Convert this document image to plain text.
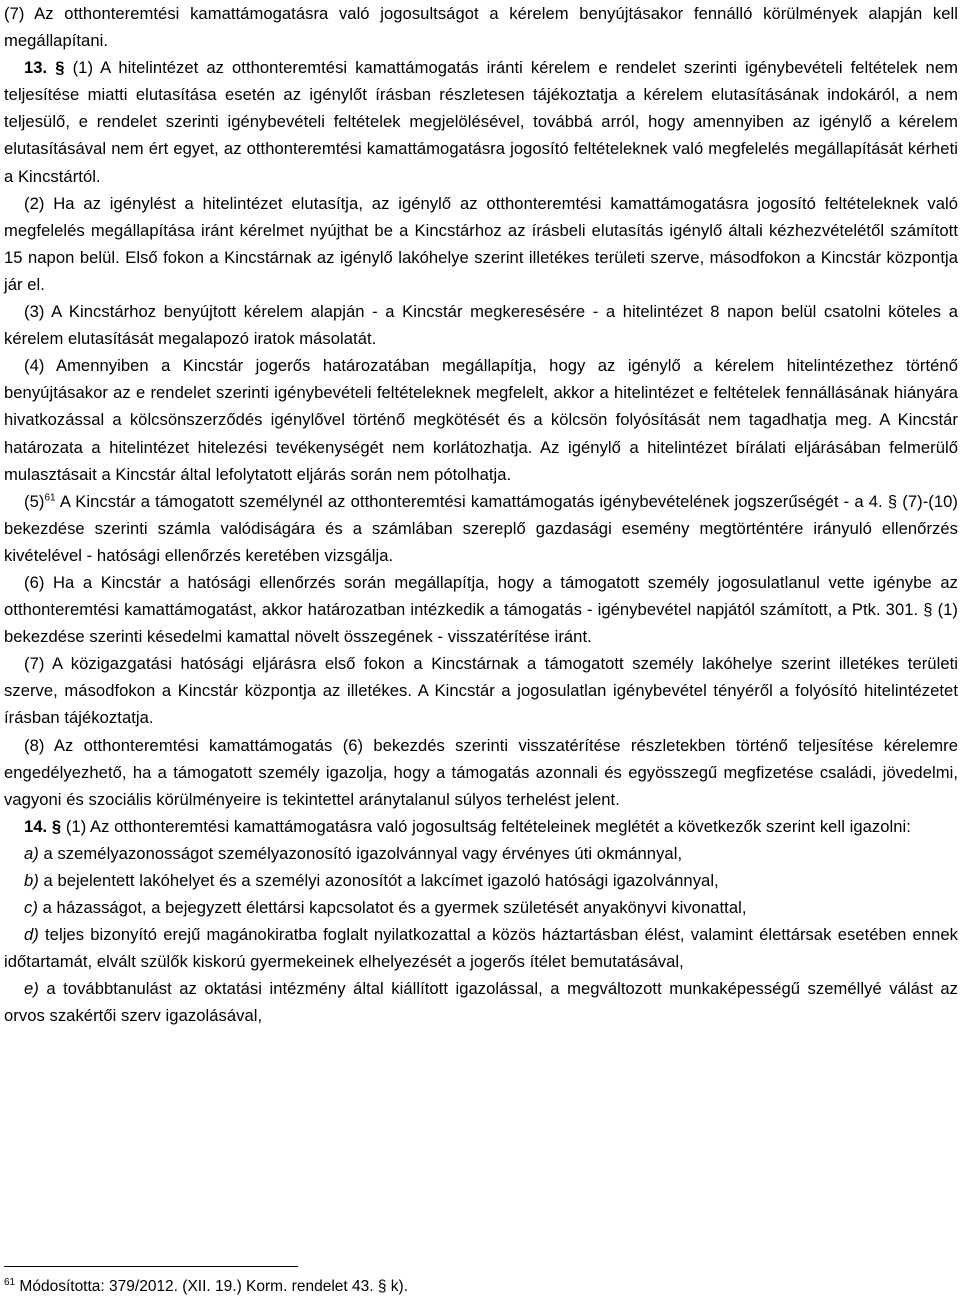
(7) Az otthonteremtési kamattámogatásra való jogosultságot a kérelem benyújtásakor fennálló körülmények alapján kell megállapítani.

13. § (1) A hitelintézet az otthonteremtési kamattámogatás iránti kérelem e rendelet szerinti igénybevételi feltételek nem teljesítése miatti elutasítása esetén az igénylőt írásban részletesen tájékoztatja a kérelem elutasításának indokáról, a nem teljesülő, e rendelet szerinti igénybevételi feltételek megjelölésével, továbbá arról, hogy amennyiben az igénylő a kérelem elutasításával nem ért egyet, az otthonteremtési kamattámogatásra jogosító feltételeknek való megfelelés megállapítását kérheti a Kincstártól.

(2) Ha az igénylést a hitelintézet elutasítja, az igénylő az otthonteremtési kamattámogatásra jogosító feltételeknek való megfelelés megállapítása iránt kérelmet nyújthat be a Kincstárhoz az írásbeli elutasítás igénylő általi kézhezvételétől számított 15 napon belül. Első fokon a Kincstárnak az igénylő lakóhelye szerint illetékes területi szerve, másodfokon a Kincstár központja jár el.

(3) A Kincstárhoz benyújtott kérelem alapján - a Kincstár megkeresésére - a hitelintézet 8 napon belül csatolni köteles a kérelem elutasítását megalapozó iratok másolatát.

(4) Amennyiben a Kincstár jogerős határozatában megállapítja, hogy az igénylő a kérelem hitelintézethez történő benyújtásakor az e rendelet szerinti igénybevételi feltételeknek megfelelt, akkor a hitelintézet e feltételek fennállásának hiányára hivatkozással a kölcsönszerződés igénylővel történő megkötését és a kölcsön folyósítását nem tagadhatja meg. A Kincstár határozata a hitelintézet hitelezési tevékenységét nem korlátozhatja. Az igénylő a hitelintézet bírálati eljárásában felmerülő mulasztásait a Kincstár által lefolytatott eljárás során nem pótolhatja.

$(5)^{61}$ A Kincstár a támogatott személynél az otthonteremtési kamattámogatás igénybevételének jogszerűségét - a 4. § (7)-(10) bekezdése szerinti számla valódiságára és a számlában szereplő gazdasági esemény megtörténtére irányuló ellenőrzés kivételével - hatósági ellenőrzés keretében vizsgálja.

(6) Ha a Kincstár a hatósági ellenőrzés során megállapítja, hogy a támogatott személy jogosulatlanul vette igénybe az otthonteremtési kamattámogatást, akkor határozatban intézkedik a támogatás - igénybevétel napjától számított, a Ptk. 301. § (1) bekezdése szerinti késedelmi kamattal növelt összegének - visszatérítése iránt.

(7) A közigazgatási hatósági eljárásra első fokon a Kincstárnak a támogatott személy lakóhelye szerint illetékes területi szerve, másodfokon a Kincstár központja az illetékes. A Kincstár a jogosulatlan igénybevétel tényéről a folyósító hitelintézetet írásban tájékoztatja.

(8) Az otthonteremtési kamattámogatás (6) bekezdés szerinti visszatérítése részletekben történő teljesítése kérelemre engedélyezhető, ha a támogatott személy igazolja, hogy a támogatás azonnali és egyösszegű megfizetése családi, jövedelmi, vagyoni és szociális körülményeire is tekintettel aránytalanul súlyos terhelést jelent.

14. § (1) Az otthonteremtési kamattámogatásra való jogosultság feltételeinek meglétét a következők szerint kell igazolni:

a) a személyazonosságot személyazonosító igazolvánnyal vagy érvényes úti okmánnyal,

b) a bejelentett lakóhelyet és a személyi azonosítót a lakcímet igazoló hatósági igazolvánnyal,

c) a házasságot, a bejegyzett élettársi kapcsolatot és a gyermek születését anyakönyvi kivonattal,

d) teljes bizonyító erejű magánokiratba foglalt nyilatkozattal a közös háztartásban élést, valamint élettársak esetében ennek időtartamát, elvált szülők kiskorú gyermekeinek elhelyezését a jogerős ítélet bemutatásával,

e) a továbbtanulást az oktatási intézmény által kiállított igazolással, a megváltozott munkaképességű személlyé válást az orvos szakértői szerv igazolásával,

$^{61}$ Módosította: 379/2012. (XII. 19.) Korm. rendelet 43. § k).
